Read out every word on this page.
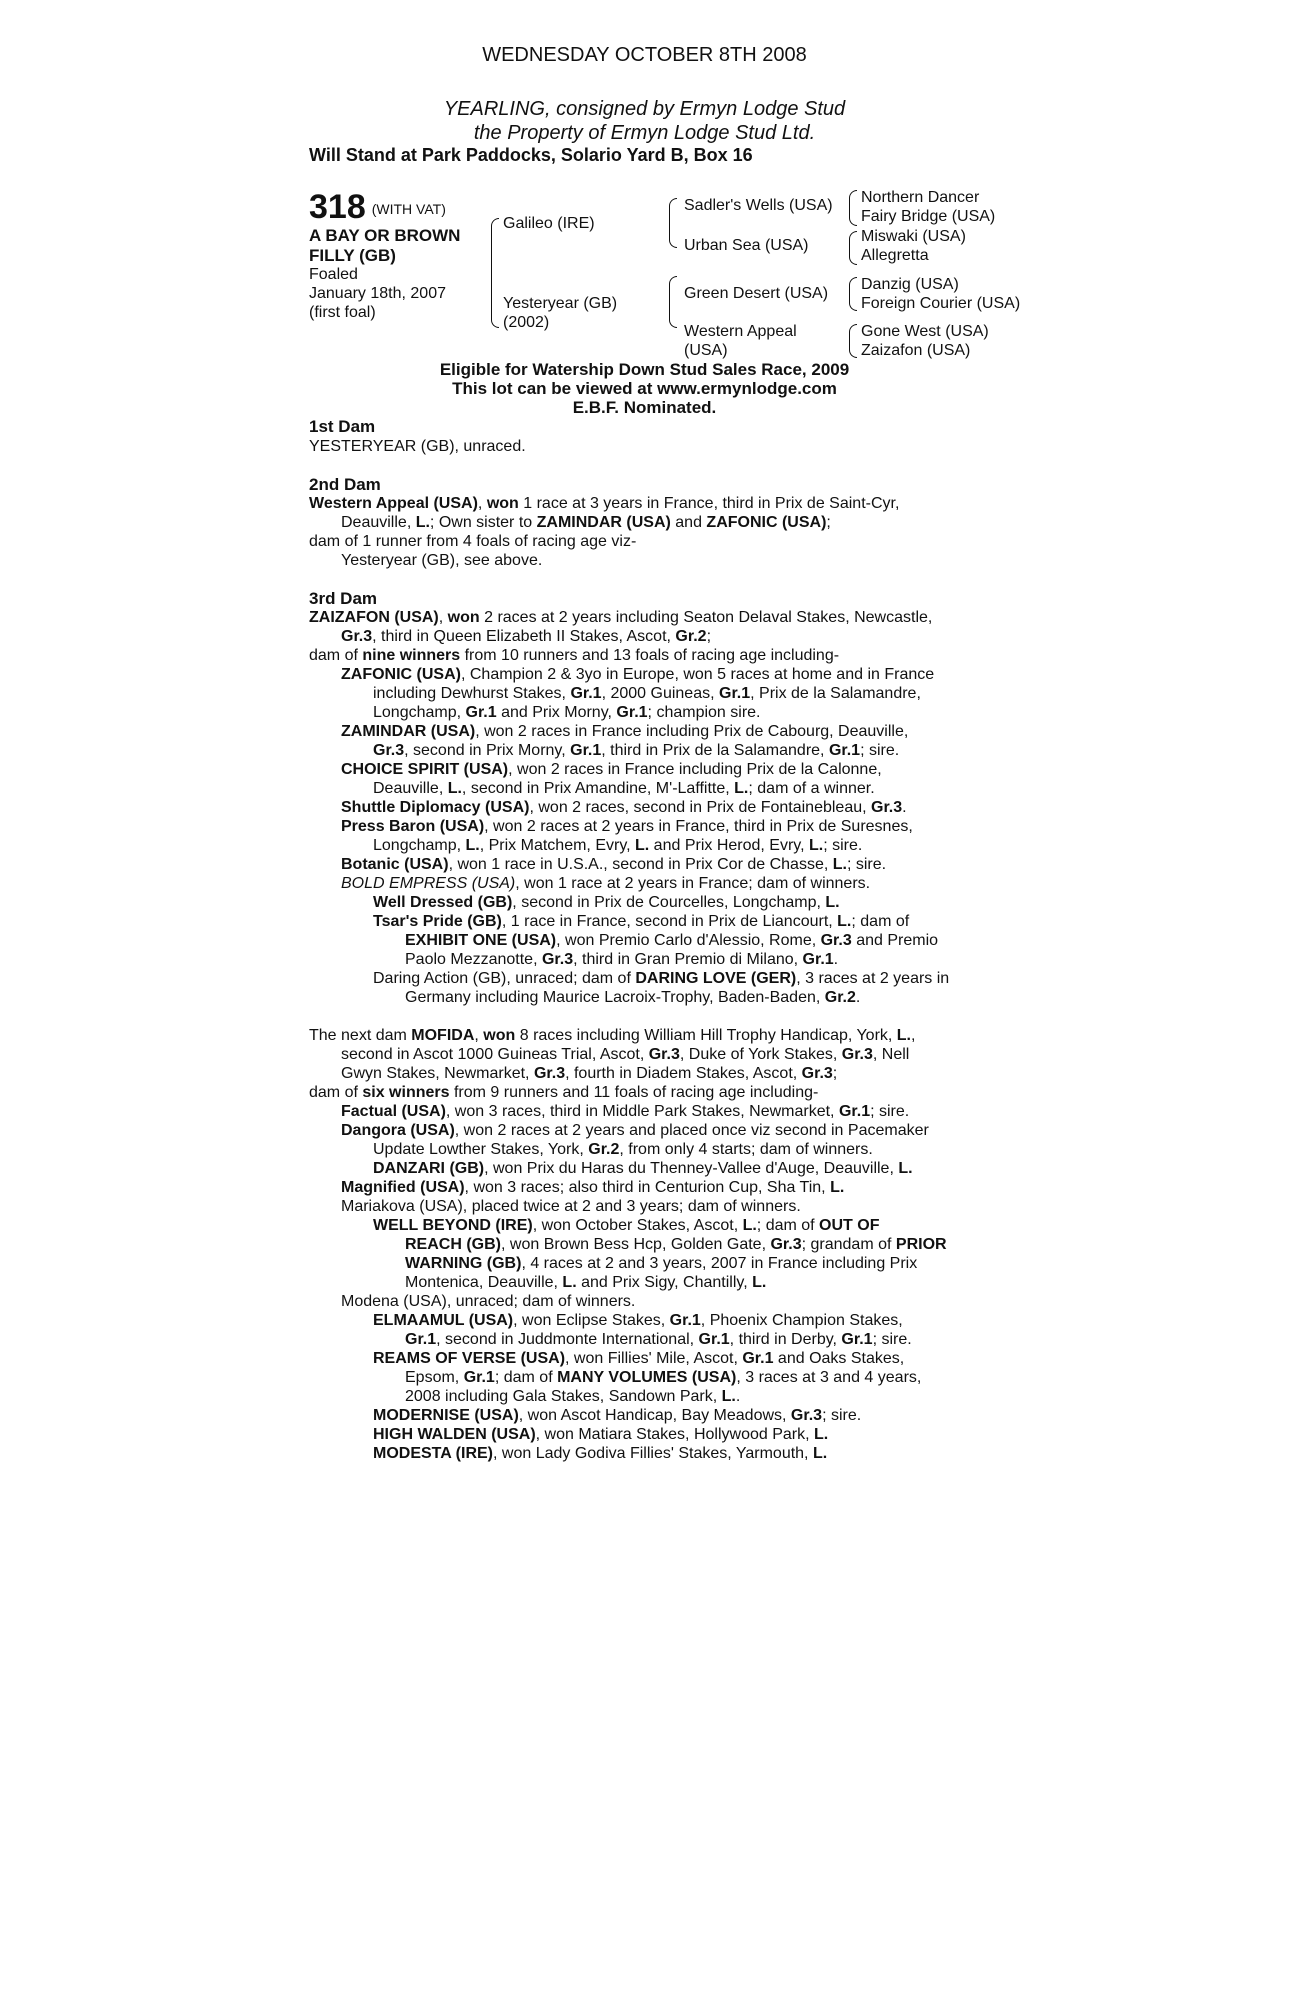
WEDNESDAY OCTOBER 8TH 2008
YEARLING, consigned by Ermyn Lodge Stud
the Property of Ermyn Lodge Stud Ltd.
Will Stand at Park Paddocks, Solario Yard B, Box 16
318 (WITH VAT)
A BAY OR BROWN
FILLY (GB)
Foaled
January 18th, 2007
(first foal)
Galileo (IRE)
Yesteryear (GB)
(2002)
Sadler's Wells (USA)
Urban Sea (USA)
Green Desert (USA)
Western Appeal
(USA)
Northern Dancer
Fairy Bridge (USA)
Miswaki (USA)
Allegretta
Danzig (USA)
Foreign Courier (USA)
Gone West (USA)
Zaizafon (USA)
Eligible for Watership Down Stud Sales Race, 2009
This lot can be viewed at www.ermynlodge.com
E.B.F. Nominated.
1st Dam
YESTERYEAR (GB), unraced.
2nd Dam
Western Appeal (USA), won 1 race at 3 years in France, third in Prix de Saint-Cyr,
Deauville, L.; Own sister to ZAMINDAR (USA) and ZAFONIC (USA);
dam of 1 runner from 4 foals of racing age viz-
Yesteryear (GB), see above.
3rd Dam
ZAIZAFON (USA), won 2 races at 2 years including Seaton Delaval Stakes, Newcastle,
Gr.3, third in Queen Elizabeth II Stakes, Ascot, Gr.2;
dam of nine winners from 10 runners and 13 foals of racing age including-
ZAFONIC (USA), Champion 2 & 3yo in Europe, won 5 races at home and in France
including Dewhurst Stakes, Gr.1, 2000 Guineas, Gr.1, Prix de la Salamandre,
Longchamp, Gr.1 and Prix Morny, Gr.1; champion sire.
ZAMINDAR (USA), won 2 races in France including Prix de Cabourg, Deauville,
Gr.3, second in Prix Morny, Gr.1, third in Prix de la Salamandre, Gr.1; sire.
CHOICE SPIRIT (USA), won 2 races in France including Prix de la Calonne,
Deauville, L., second in Prix Amandine, M'-Laffitte, L.; dam of a winner.
Shuttle Diplomacy (USA), won 2 races, second in Prix de Fontainebleau, Gr.3.
Press Baron (USA), won 2 races at 2 years in France, third in Prix de Suresnes,
Longchamp, L., Prix Matchem, Evry, L. and Prix Herod, Evry, L.; sire.
Botanic (USA), won 1 race in U.S.A., second in Prix Cor de Chasse, L.; sire.
BOLD EMPRESS (USA), won 1 race at 2 years in France; dam of winners.
Well Dressed (GB), second in Prix de Courcelles, Longchamp, L.
Tsar's Pride (GB), 1 race in France, second in Prix de Liancourt, L.; dam of
EXHIBIT ONE (USA), won Premio Carlo d'Alessio, Rome, Gr.3 and Premio
Paolo Mezzanotte, Gr.3, third in Gran Premio di Milano, Gr.1.
Daring Action (GB), unraced; dam of DARING LOVE (GER), 3 races at 2 years in
Germany including Maurice Lacroix-Trophy, Baden-Baden, Gr.2.
The next dam MOFIDA, won 8 races including William Hill Trophy Handicap, York, L.,
second in Ascot 1000 Guineas Trial, Ascot, Gr.3, Duke of York Stakes, Gr.3, Nell
Gwyn Stakes, Newmarket, Gr.3, fourth in Diadem Stakes, Ascot, Gr.3;
dam of six winners from 9 runners and 11 foals of racing age including-
Factual (USA), won 3 races, third in Middle Park Stakes, Newmarket, Gr.1; sire.
Dangora (USA), won 2 races at 2 years and placed once viz second in Pacemaker
Update Lowther Stakes, York, Gr.2, from only 4 starts; dam of winners.
DANZARI (GB), won Prix du Haras du Thenney-Vallee d'Auge, Deauville, L.
Magnified (USA), won 3 races; also third in Centurion Cup, Sha Tin, L.
Mariakova (USA), placed twice at 2 and 3 years; dam of winners.
WELL BEYOND (IRE), won October Stakes, Ascot, L.; dam of OUT OF
REACH (GB), won Brown Bess Hcp, Golden Gate, Gr.3; grandam of PRIOR
WARNING (GB), 4 races at 2 and 3 years, 2007 in France including Prix
Montenica, Deauville, L. and Prix Sigy, Chantilly, L.
Modena (USA), unraced; dam of winners.
ELMAAMUL (USA), won Eclipse Stakes, Gr.1, Phoenix Champion Stakes,
Gr.1, second in Juddmonte International, Gr.1, third in Derby, Gr.1; sire.
REAMS OF VERSE (USA), won Fillies' Mile, Ascot, Gr.1 and Oaks Stakes,
Epsom, Gr.1; dam of MANY VOLUMES (USA), 3 races at 3 and 4 years,
2008 including Gala Stakes, Sandown Park, L..
MODERNISE (USA), won Ascot Handicap, Bay Meadows, Gr.3; sire.
HIGH WALDEN (USA), won Matiara Stakes, Hollywood Park, L.
MODESTA (IRE), won Lady Godiva Fillies' Stakes, Yarmouth, L.
